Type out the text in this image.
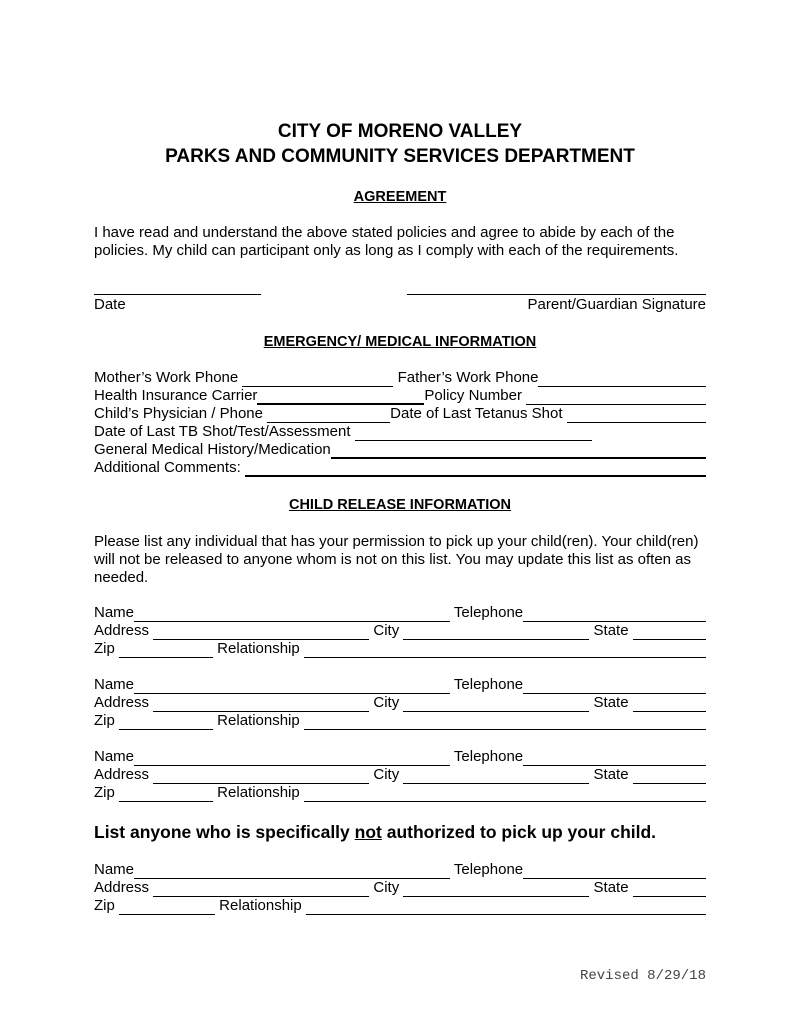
CITY OF MORENO VALLEY
PARKS AND COMMUNITY SERVICES DEPARTMENT
AGREEMENT
I have read and understand the above stated policies and agree to abide by each of the policies. My child can participant only as long as I comply with each of the requirements.
Date	Parent/Guardian Signature
EMERGENCY/ MEDICAL INFORMATION
Mother’s Work Phone	Father’s Work Phone
Health Insurance Carrier	Policy Number
Child’s Physician / Phone	Date of Last Tetanus Shot
Date of Last TB Shot/Test/Assessment
General Medical History/Medication
Additional Comments:
CHILD RELEASE INFORMATION
Please list any individual that has your permission to pick up your child(ren). Your child(ren) will not be released to anyone whom is not on this list. You may update this list as often as needed.
Name	Telephone
Address	City	State
Zip	Relationship
Name	Telephone
Address	City	State
Zip	Relationship
Name	Telephone
Address	City	State
Zip	Relationship
Name	Telephone
Address	City	State
Zip	Relationship
List anyone who is specifically not authorized to pick up your child.
Revised 8/29/18
